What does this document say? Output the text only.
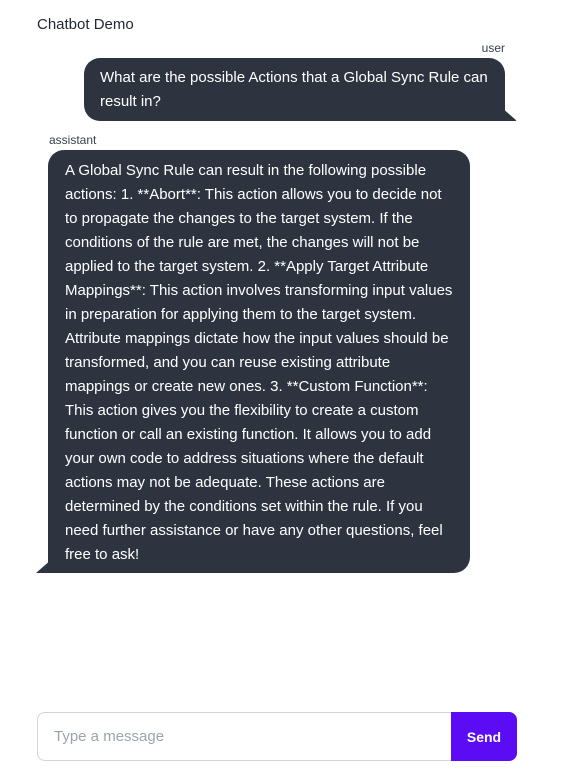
Chatbot Demo
user
What are the possible Actions that a Global Sync Rule can result in?
assistant
A Global Sync Rule can result in the following possible actions: 1. **Abort**: This action allows you to decide not to propagate the changes to the target system. If the conditions of the rule are met, the changes will not be applied to the target system. 2. **Apply Target Attribute Mappings**: This action involves transforming input values in preparation for applying them to the target system. Attribute mappings dictate how the input values should be transformed, and you can reuse existing attribute mappings or create new ones. 3. **Custom Function**: This action gives you the flexibility to create a custom function or call an existing function. It allows you to add your own code to address situations where the default actions may not be adequate. These actions are determined by the conditions set within the rule. If you need further assistance or have any other questions, feel free to ask!
Type a message
Send
